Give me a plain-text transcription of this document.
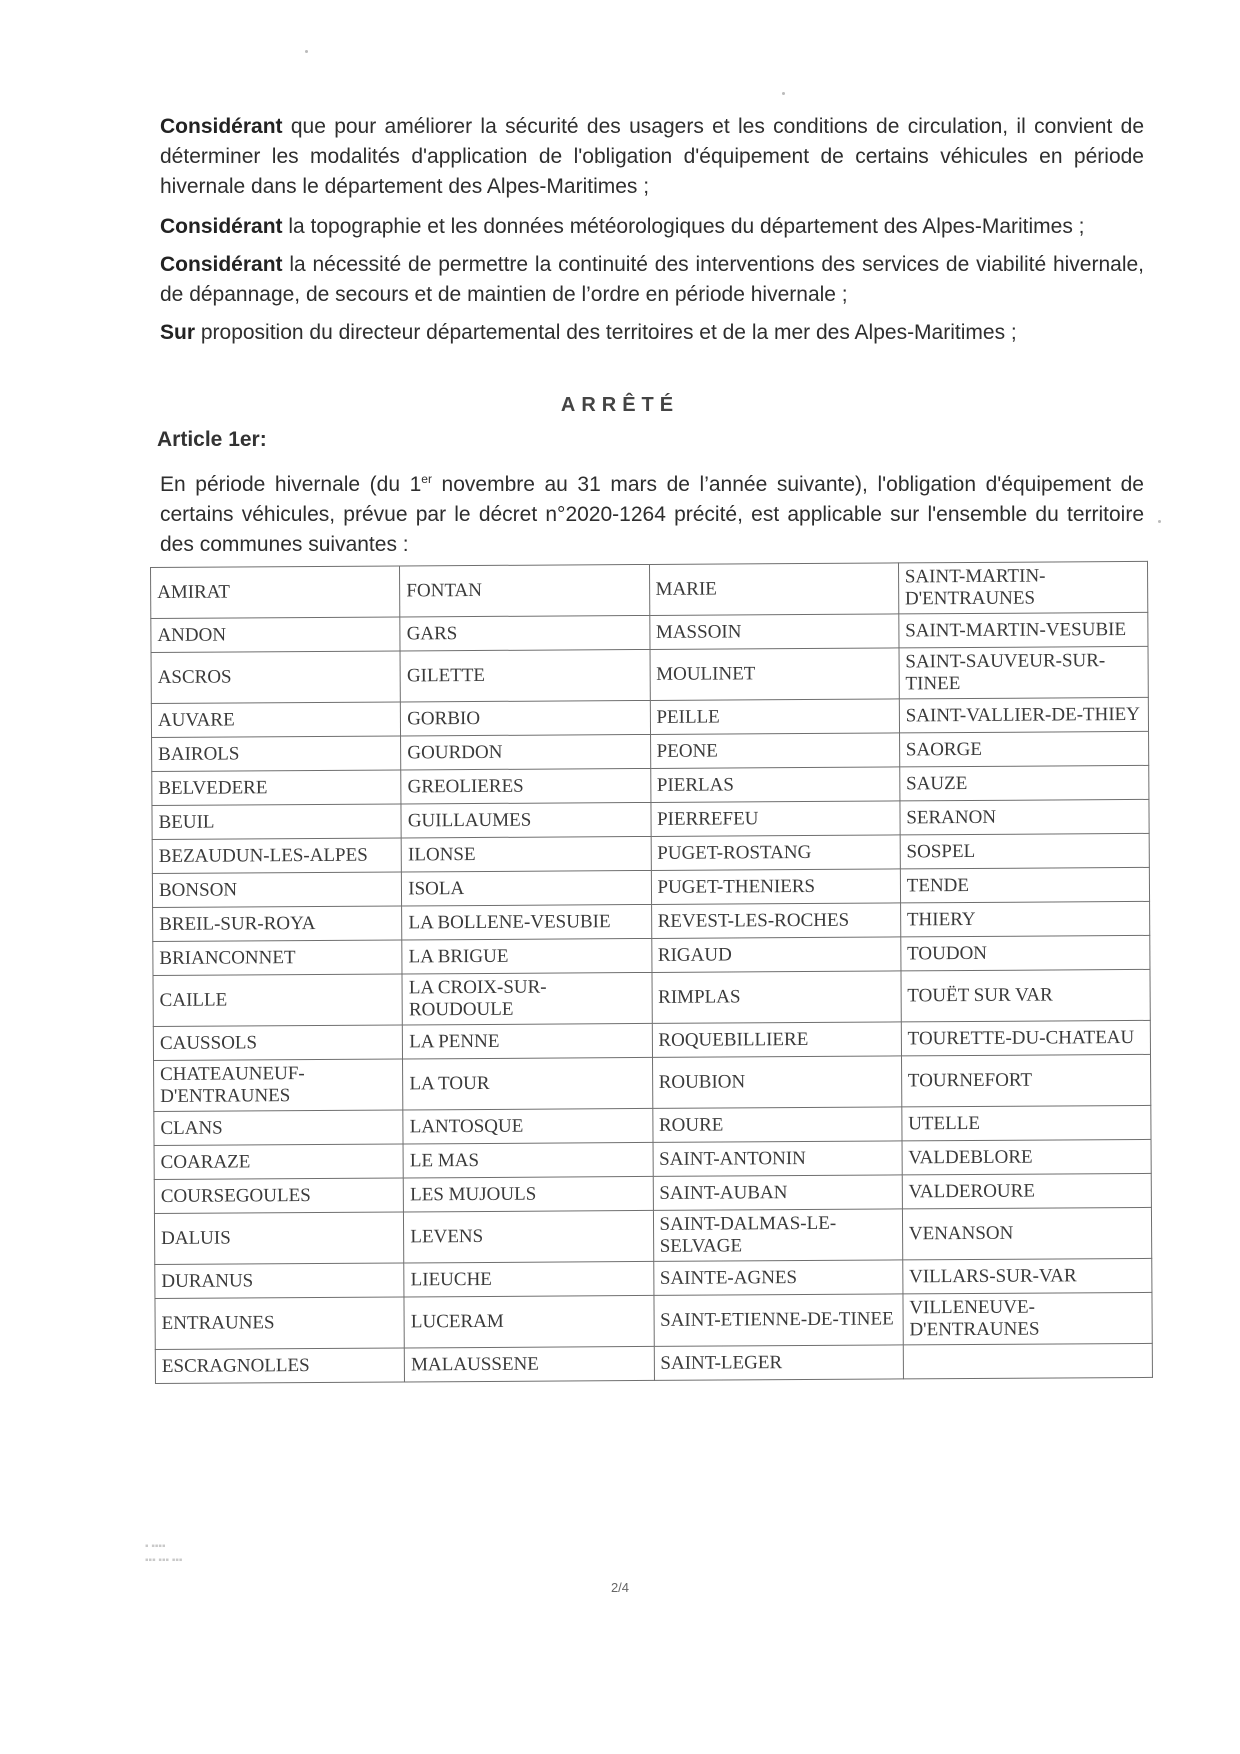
Considérant que pour améliorer la sécurité des usagers et les conditions de circulation, il convient de déterminer les modalités d'application de l'obligation d'équipement de certains véhicules en période hivernale dans le département des Alpes-Maritimes ;

Considérant la topographie et les données météorologiques du département des Alpes-Maritimes ;

Considérant la nécessité de permettre la continuité des interventions des services de viabilité hivernale, de dépannage, de secours et de maintien de l’ordre en période hivernale ;

Sur proposition du directeur départemental des territoires et de la mer des Alpes-Maritimes ;

ARRÊTÉ
Article 1er:

En période hivernale (du 1er novembre au 31 mars de l’année suivante), l'obligation d'équipement de certains véhicules, prévue par le décret n°2020-1264 précité, est applicable sur l'ensemble du territoire des communes suivantes :

AMIRAT	FONTAN	MARIE	SAINT-MARTIN-D'ENTRAUNES
ANDON	GARS	MASSOIN	SAINT-MARTIN-VESUBIE
ASCROS	GILETTE	MOULINET	SAINT-SAUVEUR-SUR-TINEE
AUVARE	GORBIO	PEILLE	SAINT-VALLIER-DE-THIEY
BAIROLS	GOURDON	PEONE	SAORGE
BELVEDERE	GREOLIERES	PIERLAS	SAUZE
BEUIL	GUILLAUMES	PIERREFEU	SERANON
BEZAUDUN-LES-ALPES	ILONSE	PUGET-ROSTANG	SOSPEL
BONSON	ISOLA	PUGET-THENIERS	TENDE
BREIL-SUR-ROYA	LA BOLLENE-VESUBIE	REVEST-LES-ROCHES	THIERY
BRIANCONNET	LA BRIGUE	RIGAUD	TOUDON
CAILLE	LA CROIX-SUR-ROUDOULE	RIMPLAS	TOUËT SUR VAR
CAUSSOLS	LA PENNE	ROQUEBILLIERE	TOURETTE-DU-CHATEAU
CHATEAUNEUF-D'ENTRAUNES	LA TOUR	ROUBION	TOURNEFORT
CLANS	LANTOSQUE	ROURE	UTELLE
COARAZE	LE MAS	SAINT-ANTONIN	VALDEBLORE
COURSEGOULES	LES MUJOULS	SAINT-AUBAN	VALDEROURE
DALUIS	LEVENS	SAINT-DALMAS-LE-SELVAGE	VENANSON
DURANUS	LIEUCHE	SAINTE-AGNES	VILLARS-SUR-VAR
ENTRAUNES	LUCERAM	SAINT-ETIENNE-DE-TINEE	VILLENEUVE-D'ENTRAUNES
ESCRAGNOLLES	MALAUSSENE	SAINT-LEGER	
▪ ▪▪▪▪
▪▪▪ ▪▪▪ ▪▪▪
2/4
